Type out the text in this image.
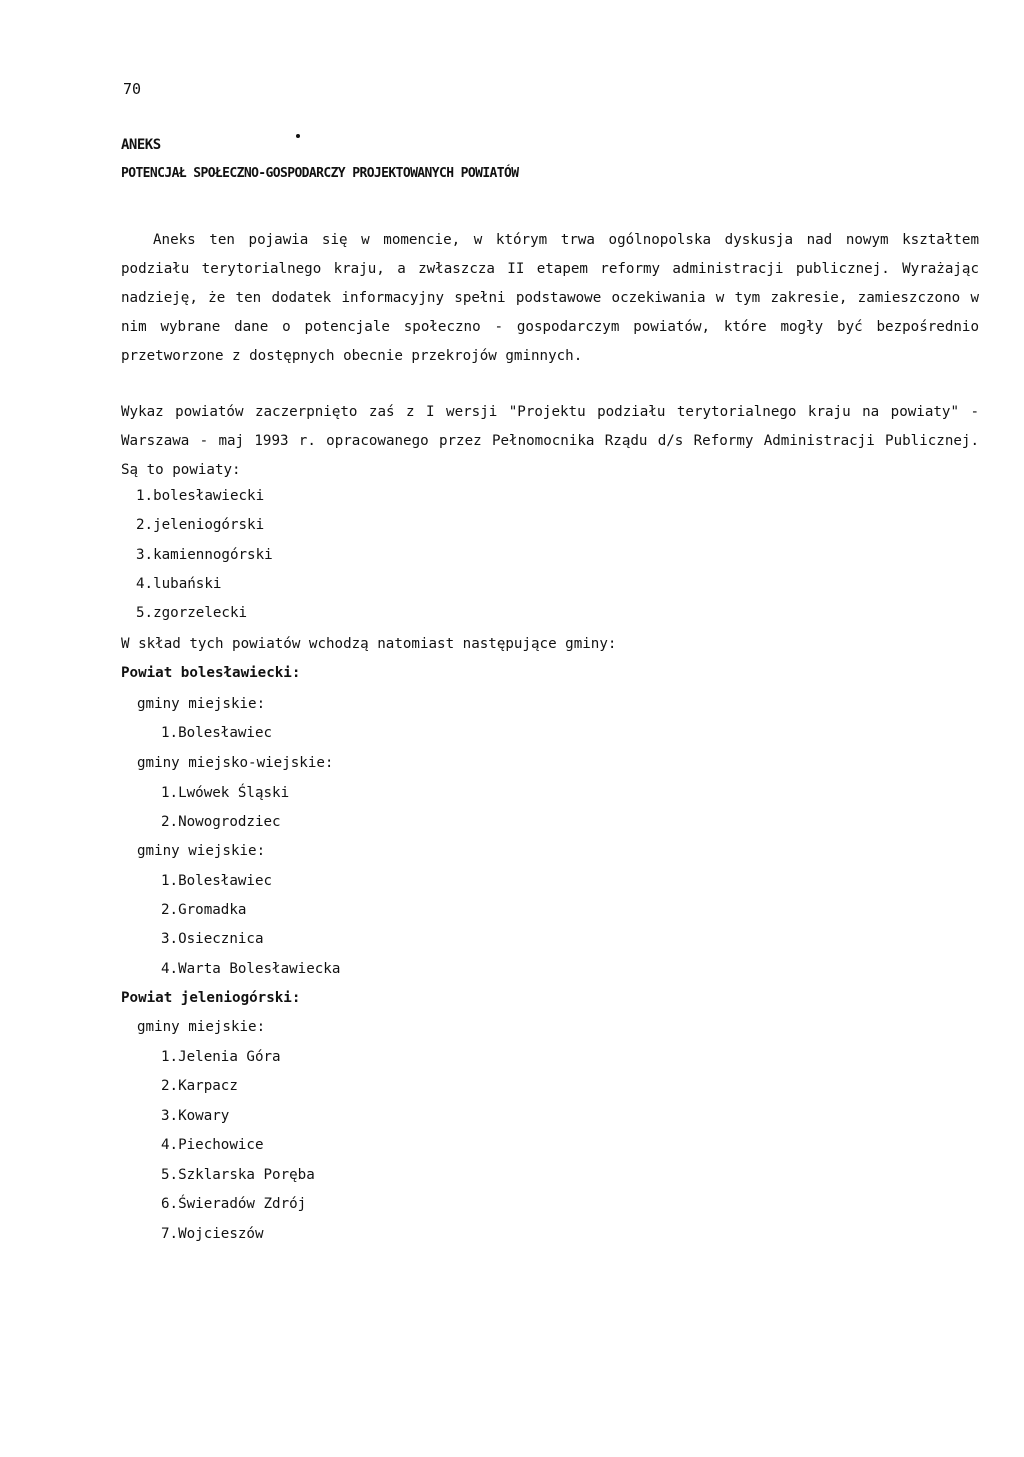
70
ANEKS
POTENCJAŁ SPOŁECZNO-GOSPODARCZY PROJEKTOWANYCH POWIATÓW

Aneks ten pojawia się w momencie, w którym trwa ogólnopolska dyskusja nad nowym kształtem podziału terytorialnego kraju, a zwłaszcza II etapem reformy administracji publicznej. Wyrażając nadzieję, że ten dodatek informacyjny spełni podstawowe oczekiwania w tym zakresie, zamieszczono w nim wybrane dane o potencjale społeczno - gospodarczym powiatów, które mogły być bezpośrednio przetworzone z dostępnych obecnie przekrojów gminnych.

Wykaz powiatów zaczerpnięto zaś z I wersji "Projektu podziału terytorialnego kraju na powiaty" - Warszawa - maj 1993 r. opracowanego przez Pełnomocnika Rządu d/s Reformy Administracji Publicznej. Są to powiaty:

1.bolesławiecki
2.jeleniogórski
3.kamiennogórski
4.lubański
5.zgorzelecki
W skład tych powiatów wchodzą natomiast następujące gminy:
Powiat bolesławiecki:
gminy miejskie:
1.Bolesławiec
gminy miejsko-wiejskie:
1.Lwówek Śląski
2.Nowogrodziec
gminy wiejskie:
1.Bolesławiec
2.Gromadka
3.Osiecznica
4.Warta Bolesławiecka
Powiat jeleniogórski:
gminy miejskie:
1.Jelenia Góra
2.Karpacz
3.Kowary
4.Piechowice
5.Szklarska Poręba
6.Świeradów Zdrój
7.Wojcieszów
